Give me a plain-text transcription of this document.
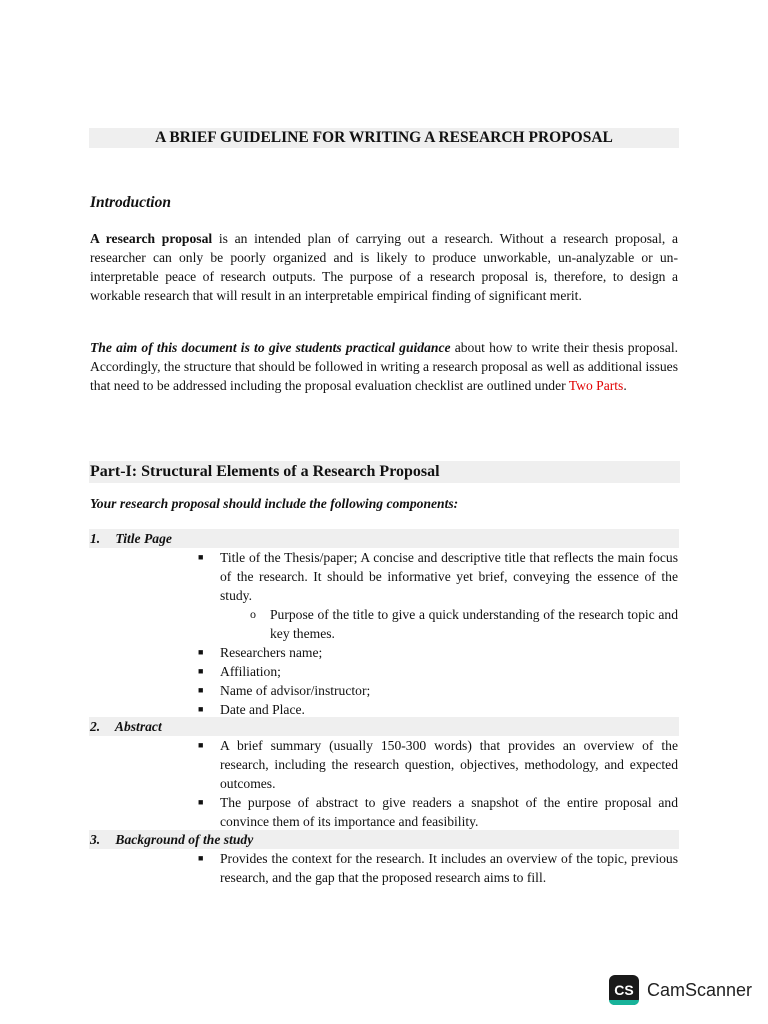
A BRIEF GUIDELINE FOR WRITING A RESEARCH PROPOSAL
Introduction
A research proposal is an intended plan of carrying out a research. Without a research proposal, a researcher can only be poorly organized and is likely to produce unworkable, un-analyzable or un-interpretable peace of research outputs. The purpose of a research proposal is, therefore, to design a workable research that will result in an interpretable empirical finding of significant merit.
The aim of this document is to give students practical guidance about how to write their thesis proposal. Accordingly, the structure that should be followed in writing a research proposal as well as additional issues that need to be addressed including the proposal evaluation checklist are outlined under Two Parts.
Part-I: Structural Elements of a Research Proposal
Your research proposal should include the following components:
1. Title Page
■ Title of the Thesis/paper; A concise and descriptive title that reflects the main focus of the research. It should be informative yet brief, conveying the essence of the study.
o Purpose of the title to give a quick understanding of the research topic and key themes.
■ Researchers name;
■ Affiliation;
■ Name of advisor/instructor;
■ Date and Place.
2. Abstract
■ A brief summary (usually 150-300 words) that provides an overview of the research, including the research question, objectives, methodology, and expected outcomes.
■ The purpose of abstract to give readers a snapshot of the entire proposal and convince them of its importance and feasibility.
3. Background of the study
■ Provides the context for the research. It includes an overview of the topic, previous research, and the gap that the proposed research aims to fill.
CS CamScanner
